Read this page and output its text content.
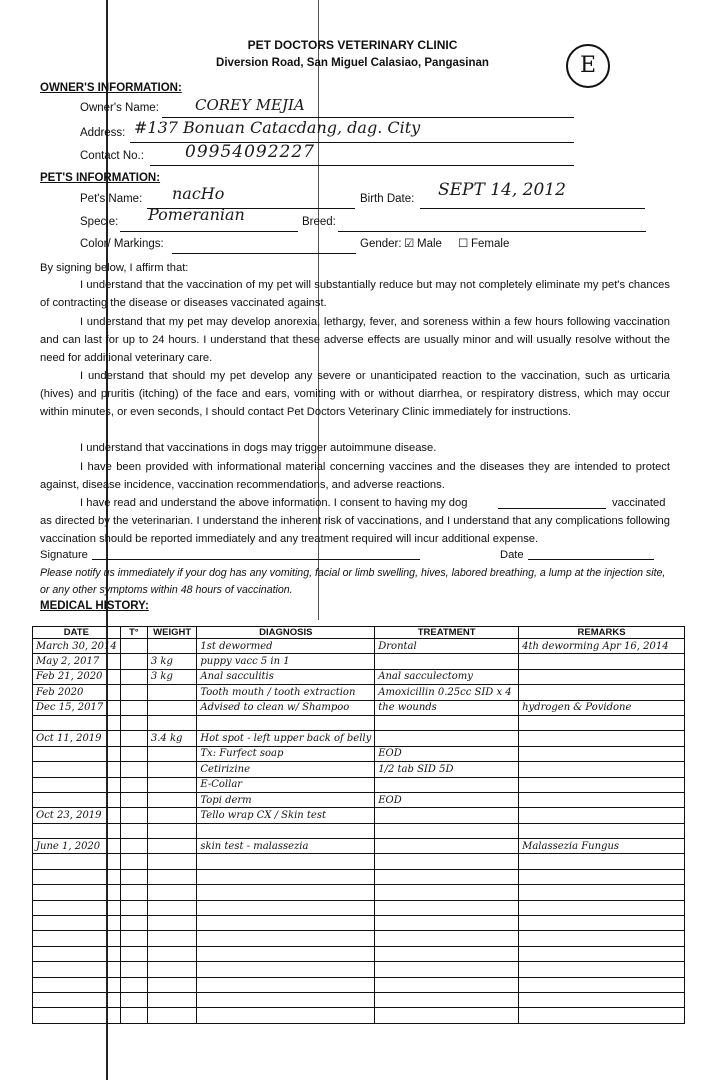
PET DOCTORS VETERINARY CLINIC
Diversion Road, San Miguel Calasiao, Pangasinan	E
OWNER'S INFORMATION:
Owner's Name: COREY MEJIA
Address: #137 Bonuan Catacdang, dag. City
Contact No.: 09954092227
PET'S INFORMATION:
Pet's Name: nacHo	Birth Date: SEPT 14, 2012
Specie: Pomeranian	Breed:
Color/ Markings:	Gender: ☑ Male ☐ Female
By signing below, I affirm that:
I understand that the vaccination of my pet will substantially reduce but may not completely eliminate my pet's chances of contracting the disease or diseases vaccinated against.
I understand that my pet may develop anorexia, lethargy, fever, and soreness within a few hours following vaccination and can last for up to 24 hours. I understand that these adverse effects are usually minor and will usually resolve without the need for additional veterinary care.
I understand that should my pet develop any severe or unanticipated reaction to the vaccination, such as urticaria (hives) and pruritis (itching) of the face and ears, vomiting with or without diarrhea, or respiratory distress, which may occur within minutes, or even seconds, I should contact Pet Doctors Veterinary Clinic immediately for instructions.
I understand that vaccinations in dogs may trigger autoimmune disease.
I have been provided with informational material concerning vaccines and the diseases they are intended to protect against, disease incidence, vaccination recommendations, and adverse reactions.
I have read and understand the above information. I consent to having my dog	vaccinated
as directed by the veterinarian. I understand the inherent risk of vaccinations, and I understand that any complications following vaccination should be reported immediately and any treatment required will incur additional expense.
Signature	Date
Please notify us immediately if your dog has any vomiting, facial or limb swelling, hives, labored breathing, a lump at the injection site, or any other symptoms within 48 hours of vaccination.
MEDICAL HISTORY:
DATE	T°	WEIGHT	DIAGNOSIS	TREATMENT	REMARKS
March 30, 2014			1st dewormed	Drontal	4th deworming Apr 16, 2014
May 2, 2017		3 kg	puppy vacc 5 in 1		
Feb 21, 2020		3 kg	Anal sacculitis	Anal sacculectomy	
Feb 2020			Tooth mouth / tooth extraction	Amoxicillin 0.25cc SID x 4	
Dec 15, 2017			Advised to clean w/ Shampoo	the wounds	hydrogen & Povidone

Oct 11, 2019		3.4 kg	Hot spot - left upper back of belly		
			Tx: Furfect soap	EOD	
			Cetirizine	1/2 tab SID 5D	
			E-Collar		
			Topi derm	EOD	
Oct 23, 2019			Tello wrap CX / Skin test		

June 1, 2020			skin test - malassezia		Malassezia Fungus
